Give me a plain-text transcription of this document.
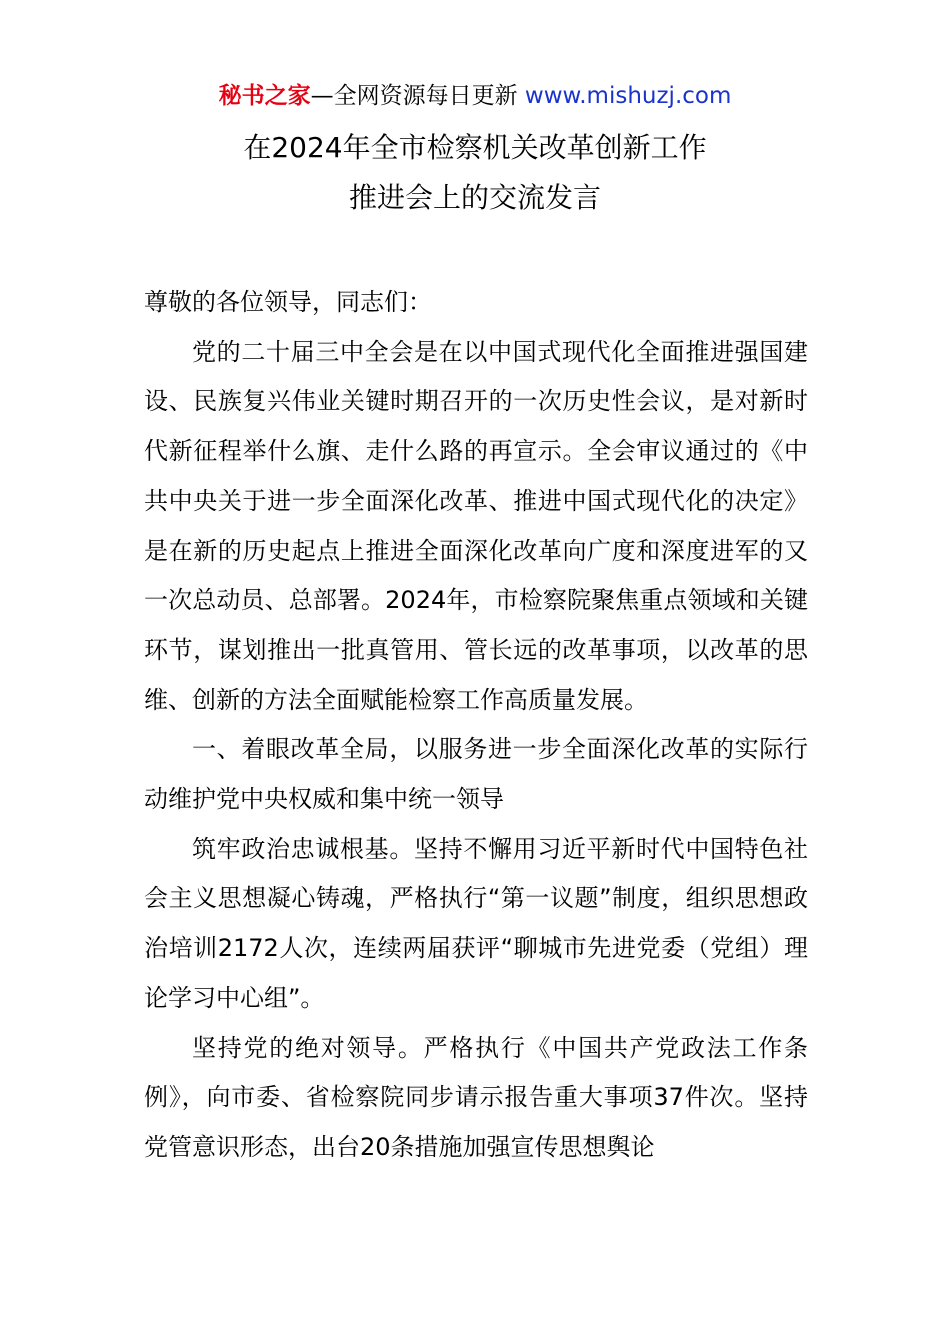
秘书之家—全网资源每日更新 www.mishuzj.com
在2024年全市检察机关改革创新工作
推进会上的交流发言

尊敬的各位领导，同志们：

党的二十届三中全会是在以中国式现代化全面推进强国建设、民族复兴伟业关键时期召开的一次历史性会议，是对新时代新征程举什么旗、走什么路的再宣示。全会审议通过的《中共中央关于进一步全面深化改革、推进中国式现代化的决定》是在新的历史起点上推进全面深化改革向广度和深度进军的又一次总动员、总部署。2024年，市检察院聚焦重点领域和关键环节，谋划推出一批真管用、管长远的改革事项，以改革的思维、创新的方法全面赋能检察工作高质量发展。

一、着眼改革全局，以服务进一步全面深化改革的实际行动维护党中央权威和集中统一领导

筑牢政治忠诚根基。坚持不懈用习近平新时代中国特色社会主义思想凝心铸魂，严格执行“第一议题”制度，组织思想政治培训2172人次，连续两届获评“聊城市先进党委（党组）理论学习中心组”。

坚持党的绝对领导。严格执行《中国共产党政法工作条例》，向市委、省检察院同步请示报告重大事项37件次。坚持党管意识形态，出台20条措施加强宣传思想舆论
